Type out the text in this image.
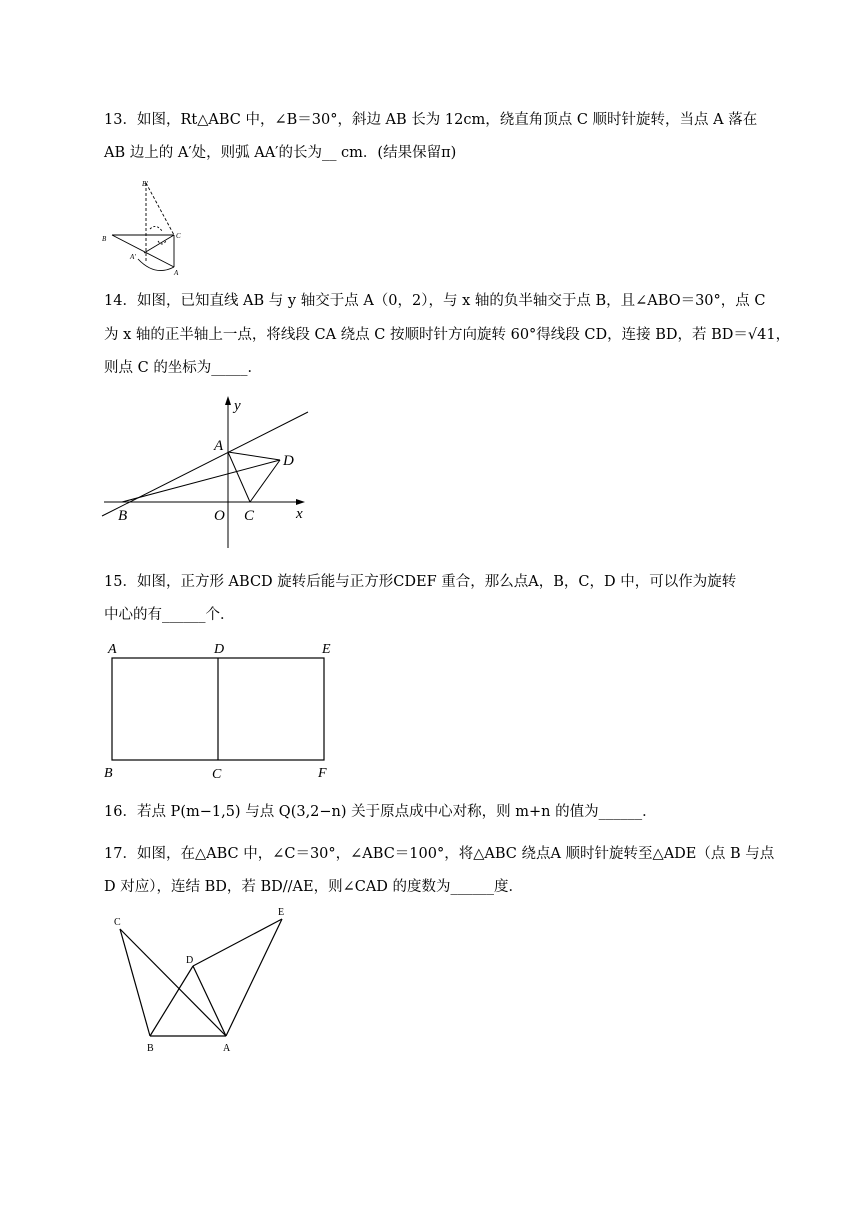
13．如图，Rt△ABC 中，∠B＝30°，斜边 AB 长为 12cm，绕直角顶点 C 顺时针旋转，当点 A 落在
AB 边上的 A′处，则弧 AA′的长为__ cm．(结果保留π)
B	C
A
A′
B′
14．如图，已知直线 AB 与 y 轴交于点 A（0，2），与 x 轴的负半轴交于点 B，且∠ABO＝30°，点 C
为 x 轴的正半轴上一点，将线段 CA 绕点 C 按顺时针方向旋转 60°得线段 CD，连接 BD，若 BD＝√41，
则点 C 的坐标为_____．
y
x
A
B	O C
D
15．如图，正方形 ABCD 旋转后能与正方形CDEF 重合，那么点A，B，C，D 中，可以作为旋转
中心的有______个．
A	D	E
B	C	F
16．若点 P(m−1,5) 与点 Q(3,2−n) 关于原点成中心对称，则 m+n 的值为______．
17．如图，在△ABC 中，∠C＝30°，∠ABC＝100°，将△ABC 绕点A 顺时针旋转至△ADE（点 B 与点
D 对应），连结 BD，若 BD//AE，则∠CAD 的度数为______度．
C
E
D
B	A
